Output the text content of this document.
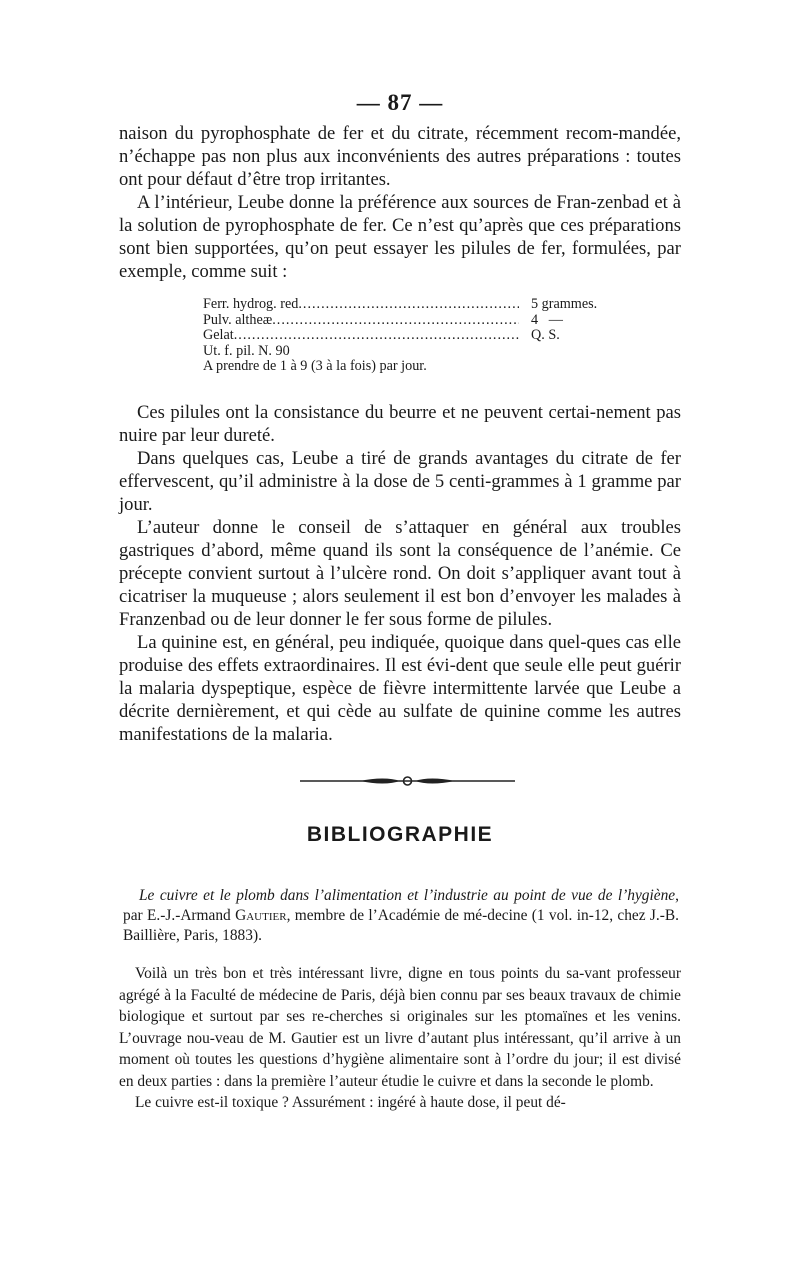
— 87 —

naison du pyrophosphate de fer et du citrate, récemment recom-mandée, n’échappe pas non plus aux inconvénients des autres préparations : toutes ont pour défaut d’être trop irritantes.

A l’intérieur, Leube donne la préférence aux sources de Fran-zenbad et à la solution de pyrophosphate de fer. Ce n’est qu’après que ces préparations sont bien supportées, qu’on peut essayer les pilules de fer, formulées, par exemple, comme suit :

Ferr. hydrog. red .....	5 grammes.
Pulv. altheæ .....	4   —
Gelat .....	Q. S.
Ut. f. pil. N. 90
A prendre de 1 à 9 (3 à la fois) par jour.

Ces pilules ont la consistance du beurre et ne peuvent certai-nement pas nuire par leur dureté.

Dans quelques cas, Leube a tiré de grands avantages du citrate de fer effervescent, qu’il administre à la dose de 5 centi-grammes à 1 gramme par jour.

L’auteur donne le conseil de s’attaquer en général aux troubles gastriques d’abord, même quand ils sont la conséquence de l’anémie. Ce précepte convient surtout à l’ulcère rond. On doit s’appliquer avant tout à cicatriser la muqueuse ; alors seulement il est bon d’envoyer les malades à Franzenbad ou de leur donner le fer sous forme de pilules.

La quinine est, en général, peu indiquée, quoique dans quel-ques cas elle produise des effets extraordinaires. Il est évi-dent que seule elle peut guérir la malaria dyspeptique, espèce de fièvre intermittente larvée que Leube a décrite dernièrement, et qui cède au sulfate de quinine comme les autres manifestations de la malaria.

BIBLIOGRAPHIE
Le cuivre et le plomb dans l’alimentation et l’industrie au point de vue de l’hygiène, par E.-J.-Armand Gautier, membre de l’Académie de mé-decine (1 vol. in-12, chez J.-B. Baillière, Paris, 1883).

Voilà un très bon et très intéressant livre, digne en tous points du sa-vant professeur agrégé à la Faculté de médecine de Paris, déjà bien connu par ses beaux travaux de chimie biologique et surtout par ses re-cherches si originales sur les ptomaïnes et les venins. L’ouvrage nou-veau de M. Gautier est un livre d’autant plus intéressant, qu’il arrive à un moment où toutes les questions d’hygiène alimentaire sont à l’ordre du jour; il est divisé en deux parties : dans la première l’auteur étudie le cuivre et dans la seconde le plomb.

Le cuivre est-il toxique ? Assurément : ingéré à haute dose, il peut dé-
